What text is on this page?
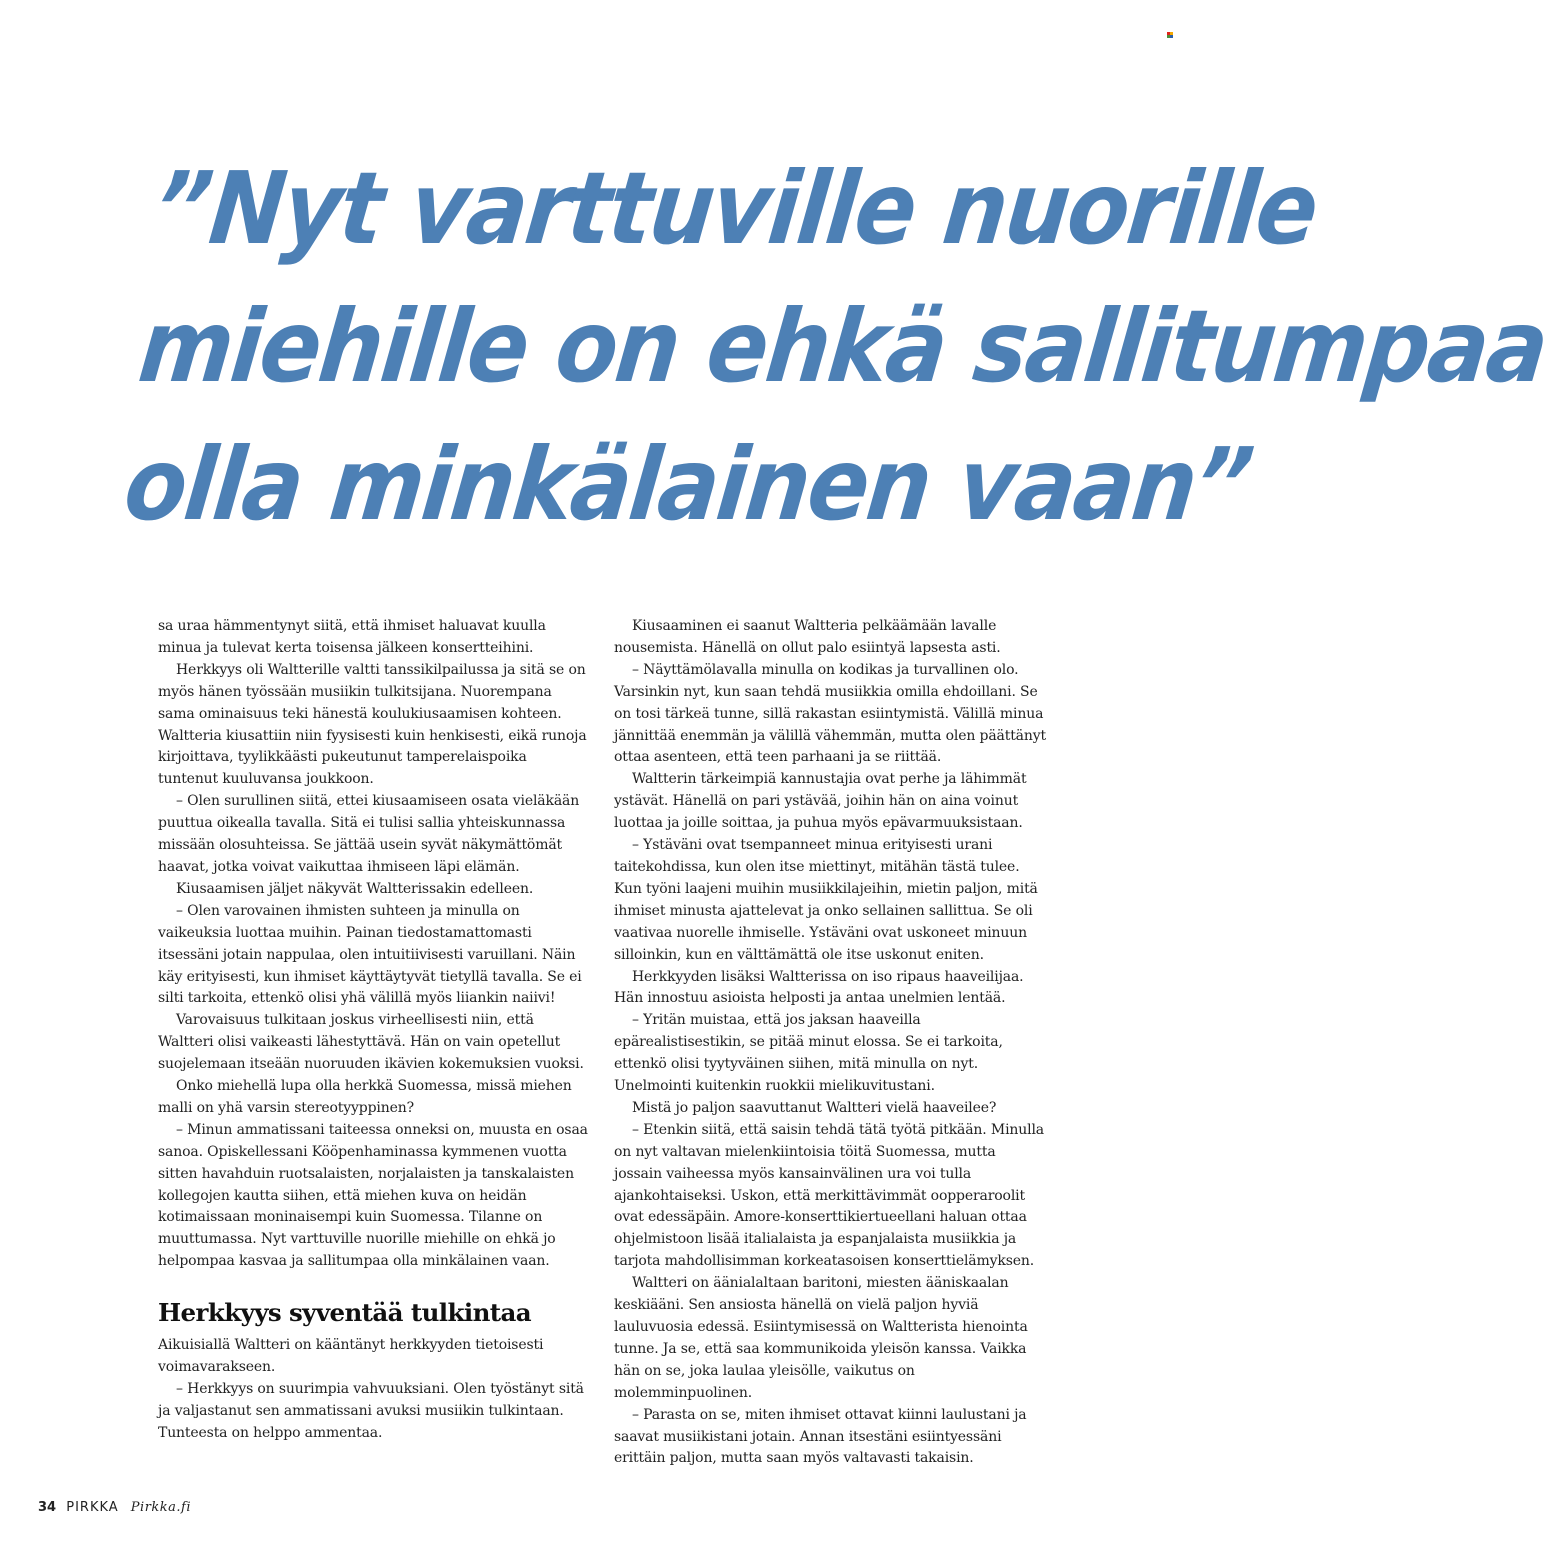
”Nyt varttuville nuorille
miehille on ehkä sallitumpaa
olla minkälainen vaan”

sa uraa hämmentynyt siitä, että ihmiset haluavat kuulla minua ja tulevat kerta toisensa jälkeen konsertteihini.

Herkkyys oli Waltterille valtti tanssikilpailussa ja sitä se on myös hänen työssään musiikin tulkitsijana. Nuorempana sama ominaisuus teki hänestä koulukiusaamisen kohteen. Waltteria kiusattiin niin fyysisesti kuin henkisesti, eikä runoja kirjoittava, tyylikkäästi pukeutunut tamperelaispoika tuntenut kuuluvansa joukkoon.

– Olen surullinen siitä, ettei kiusaamiseen osata vieläkään puuttua oikealla tavalla. Sitä ei tulisi sallia yhteiskunnassa missään olosuhteissa. Se jättää usein syvät näkymättömät haavat, jotka voivat vaikuttaa ihmiseen läpi elämän.

Kiusaamisen jäljet näkyvät Waltterissakin edelleen.

– Olen varovainen ihmisten suhteen ja minulla on vaikeuksia luottaa muihin. Painan tiedostamattomasti itsessäni jotain nappulaa, olen intuitiivisesti varuillani. Näin käy erityisesti, kun ihmiset käyttäytyvät tietyllä tavalla. Se ei silti tarkoita, ettenkö olisi yhä välillä myös liiankin naiivi!

Varovaisuus tulkitaan joskus virheellisesti niin, että Waltteri olisi vaikeasti lähestyttävä. Hän on vain opetellut suojelemaan itseään nuoruuden ikävien kokemuksien vuoksi.

Onko miehellä lupa olla herkkä Suomessa, missä miehen malli on yhä varsin stereotyyppinen?

– Minun ammatissani taiteessa onneksi on, muusta en osaa sanoa. Opiskellessani Kööpenhaminassa kymmenen vuotta sitten havahduin ruotsalaisten, norjalaisten ja tanskalaisten kollegojen kautta siihen, että miehen kuva on heidän kotimaissaan moninaisempi kuin Suomessa. Tilanne on muuttumassa. Nyt varttuville nuorille miehille on ehkä jo helpompaa kasvaa ja sallitumpaa olla minkälainen vaan.

Herkkyys syventää tulkintaa

Aikuisiallä Waltteri on kääntänyt herkkyyden tietoisesti voimavarakseen.

– Herkkyys on suurimpia vahvuuksiani. Olen työstänyt sitä ja valjastanut sen ammatissani avuksi musiikin tulkintaan. Tunteesta on helppo ammentaa.

Kiusaaminen ei saanut Waltteria pelkäämään lavalle nousemista. Hänellä on ollut palo esiintyä lapsesta asti.

– Näyttämölavalla minulla on kodikas ja turvallinen olo. Varsinkin nyt, kun saan tehdä musiikkia omilla ehdoillani. Se on tosi tärkeä tunne, sillä rakastan esiintymistä. Välillä minua jännittää enemmän ja välillä vähemmän, mutta olen päättänyt ottaa asenteen, että teen parhaani ja se riittää.

Waltterin tärkeimpiä kannustajia ovat perhe ja lähimmät ystävät. Hänellä on pari ystävää, joihin hän on aina voinut luottaa ja joille soittaa, ja puhua myös epävarmuuksistaan.

– Ystäväni ovat tsempanneet minua erityisesti urani taitekohdissa, kun olen itse miettinyt, mitähän tästä tulee. Kun työni laajeni muihin musiikkilajeihin, mietin paljon, mitä ihmiset minusta ajattelevat ja onko sellainen sallittua. Se oli vaativaa nuorelle ihmiselle. Ystäväni ovat uskoneet minuun silloinkin, kun en välttämättä ole itse uskonut eniten.

Herkkyyden lisäksi Waltterissa on iso ripaus haaveilijaa. Hän innostuu asioista helposti ja antaa unelmien lentää.

– Yritän muistaa, että jos jaksan haaveilla epärealistisestikin, se pitää minut elossa. Se ei tarkoita, ettenkö olisi tyytyväinen siihen, mitä minulla on nyt. Unelmointi kuitenkin ruokkii mielikuvitustani.

Mistä jo paljon saavuttanut Waltteri vielä haaveilee?

– Etenkin siitä, että saisin tehdä tätä työtä pitkään. Minulla on nyt valtavan mielenkiintoisia töitä Suomessa, mutta jossain vaiheessa myös kansainvälinen ura voi tulla ajankohtaiseksi. Uskon, että merkittävimmät oopperaroolit ovat edessäpäin. Amore-konserttikiertueellani haluan ottaa ohjelmistoon lisää italialaista ja espanjalaista musiikkia ja tarjota mahdollisimman korkeatasoisen konserttielämyksen.

Waltteri on äänialaltaan baritoni, miesten ääniskaalan keskiääni. Sen ansiosta hänellä on vielä paljon hyviä lauluvuosia edessä. Esiintymisessä on Waltterista hienointa tunne. Ja se, että saa kommunikoida yleisön kanssa. Vaikka hän on se, joka laulaa yleisölle, vaikutus on molemminpuolinen.

– Parasta on se, miten ihmiset ottavat kiinni laulustani ja saavat musiikistani jotain. Annan itsestäni esiintyessäni erittäin paljon, mutta saan myös valtavasti takaisin.

34 PIRKKA Pirkka.fi
